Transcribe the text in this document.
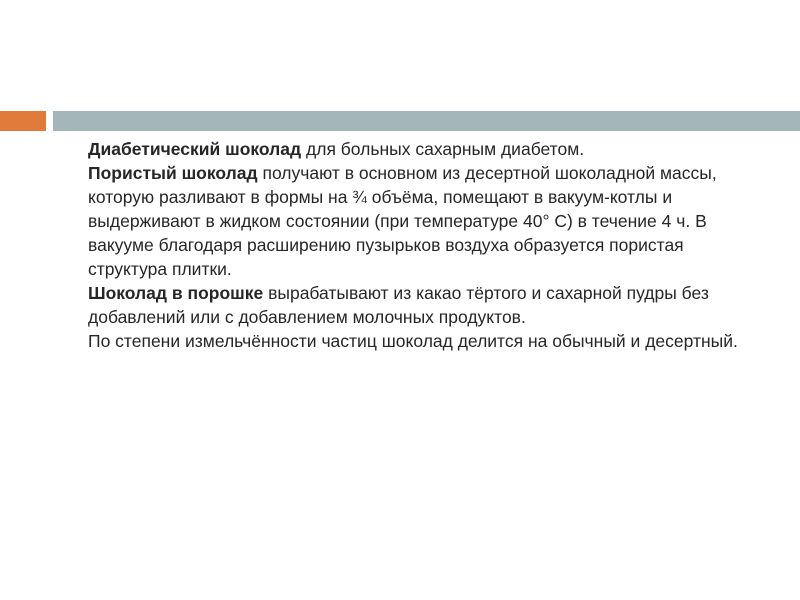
Диабетический шоколад для больных сахарным диабетом.

Пористый шоколад получают в основном из десертной шоколадной массы, которую разливают в формы на ¾ объёма, помещают в вакуум-котлы и выдерживают в жидком состоянии (при температуре 40° С) в течение 4 ч. В вакууме благодаря расширению пузырьков воздуха образуется пористая структура плитки.

Шоколад в порошке вырабатывают из какао тёртого и сахарной пудры без добавлений или с добавлением молочных продуктов.

По степени измельчённости частиц шоколад делится на обычный и десертный.
